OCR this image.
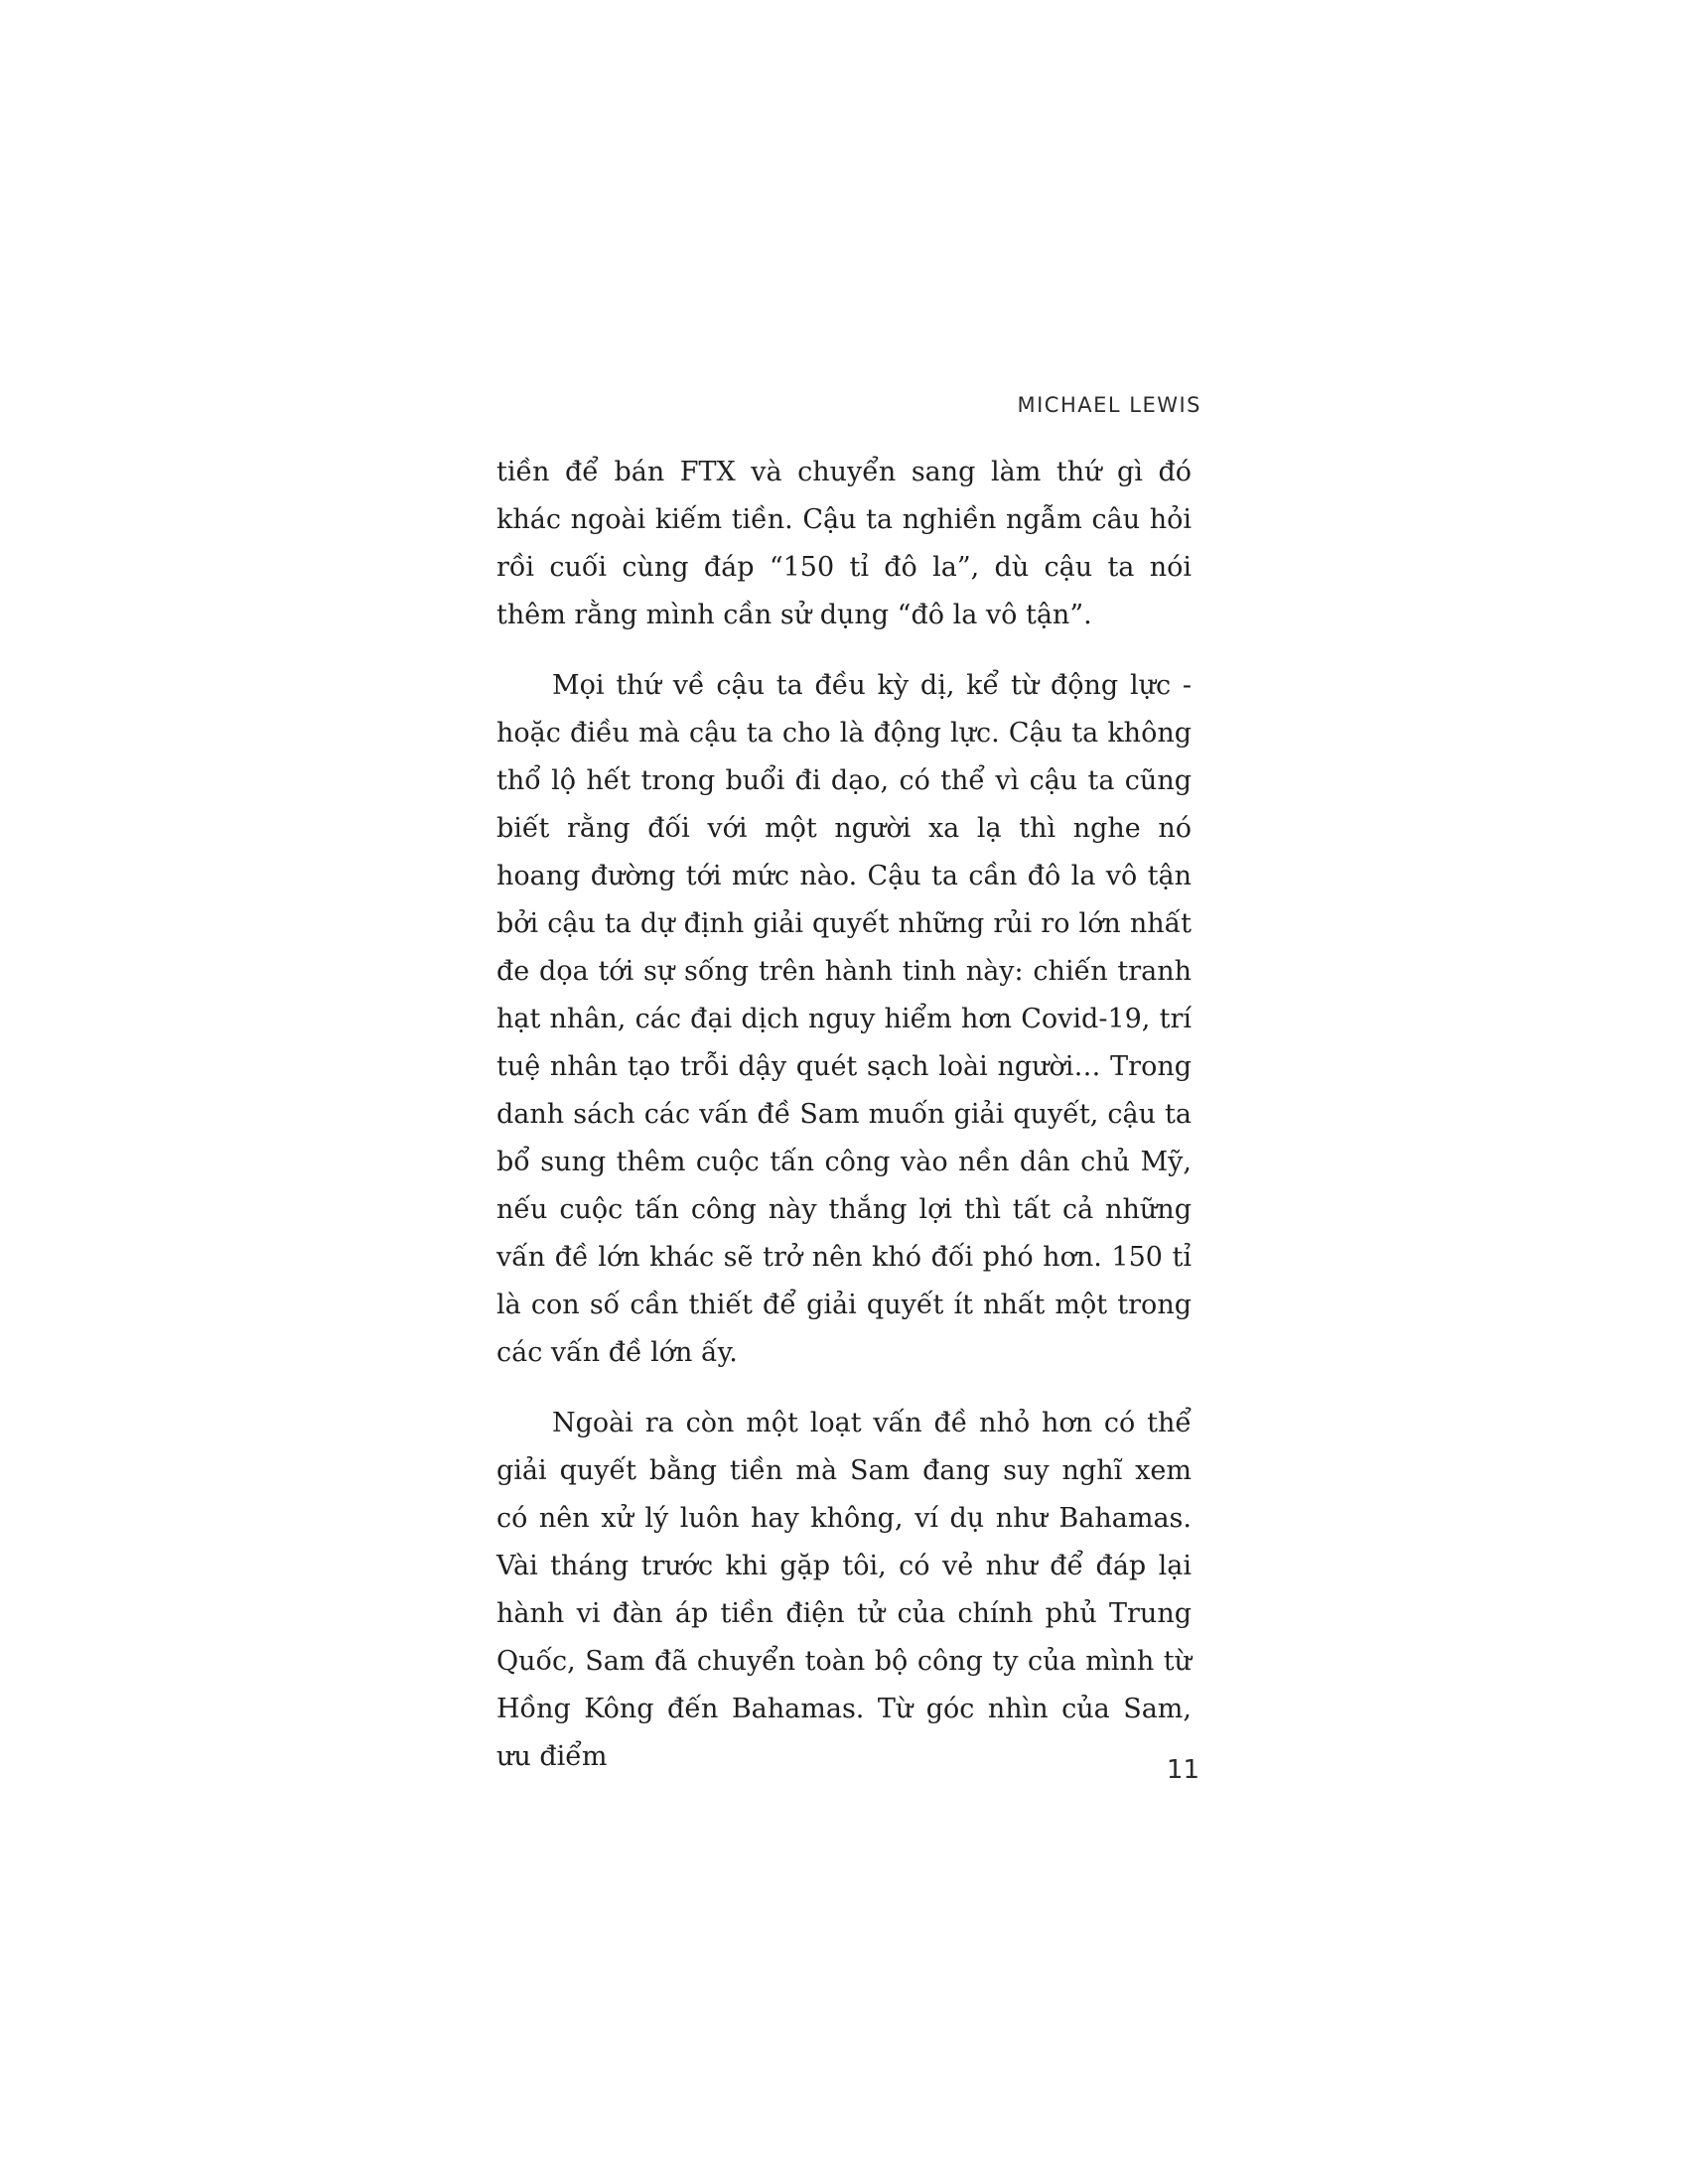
MICHAEL LEWIS

tiền để bán FTX và chuyển sang làm thứ gì đó khác ngoài kiếm tiền. Cậu ta nghiền ngẫm câu hỏi rồi cuối cùng đáp “150 tỉ đô la”, dù cậu ta nói thêm rằng mình cần sử dụng “đô la vô tận”.

Mọi thứ về cậu ta đều kỳ dị, kể từ động lực - hoặc điều mà cậu ta cho là động lực. Cậu ta không thổ lộ hết trong buổi đi dạo, có thể vì cậu ta cũng biết rằng đối với một người xa lạ thì nghe nó hoang đường tới mức nào. Cậu ta cần đô la vô tận bởi cậu ta dự định giải quyết những rủi ro lớn nhất đe dọa tới sự sống trên hành tinh này: chiến tranh hạt nhân, các đại dịch nguy hiểm hơn Covid-19, trí tuệ nhân tạo trỗi dậy quét sạch loài người… Trong danh sách các vấn đề Sam muốn giải quyết, cậu ta bổ sung thêm cuộc tấn công vào nền dân chủ Mỹ, nếu cuộc tấn công này thắng lợi thì tất cả những vấn đề lớn khác sẽ trở nên khó đối phó hơn. 150 tỉ là con số cần thiết để giải quyết ít nhất một trong các vấn đề lớn ấy.

Ngoài ra còn một loạt vấn đề nhỏ hơn có thể giải quyết bằng tiền mà Sam đang suy nghĩ xem có nên xử lý luôn hay không, ví dụ như Bahamas. Vài tháng trước khi gặp tôi, có vẻ như để đáp lại hành vi đàn áp tiền điện tử của chính phủ Trung Quốc, Sam đã chuyển toàn bộ công ty của mình từ Hồng Kông đến Bahamas. Từ góc nhìn của Sam, ưu điểm	11
